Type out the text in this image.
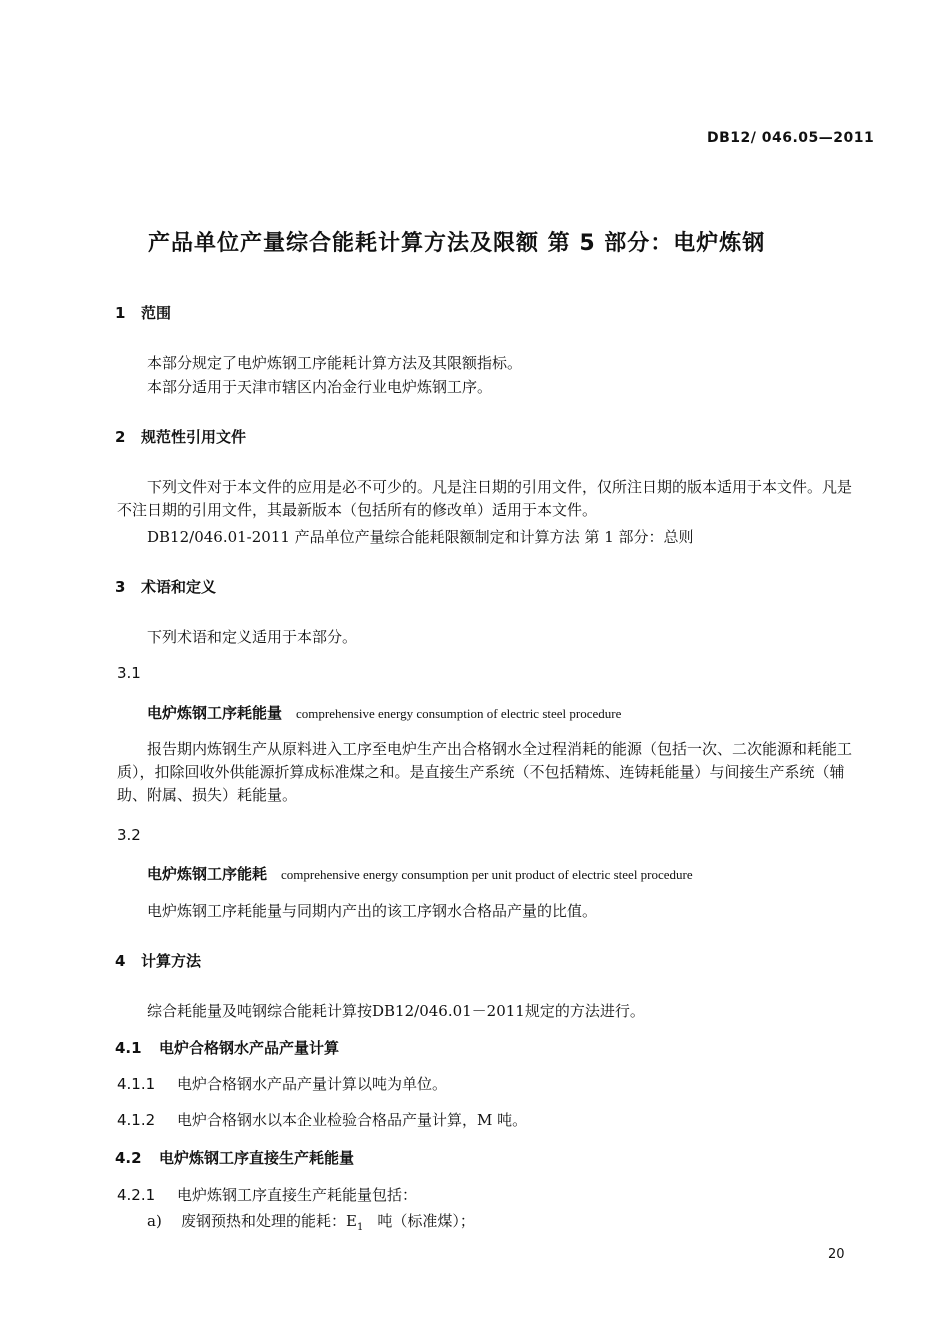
DB12/ 046.05—2011
产品单位产量综合能耗计算方法及限额 第 5 部分：电炉炼钢
1 范围
本部分规定了电炉炼钢工序能耗计算方法及其限额指标。
本部分适用于天津市辖区内冶金行业电炉炼钢工序。
2 规范性引用文件
下列文件对于本文件的应用是必不可少的。凡是注日期的引用文件，仅所注日期的版本适用于本文件。凡是不注日期的引用文件，其最新版本（包括所有的修改单）适用于本文件。
DB12/046.01-2011 产品单位产量综合能耗限额制定和计算方法 第 1 部分：总则
3 术语和定义
下列术语和定义适用于本部分。
3.1
电炉炼钢工序耗能量 comprehensive energy consumption of electric steel procedure
报告期内炼钢生产从原料进入工序至电炉生产出合格钢水全过程消耗的能源（包括一次、二次能源和耗能工质），扣除回收外供能源折算成标准煤之和。是直接生产系统（不包括精炼、连铸耗能量）与间接生产系统（辅助、附属、损失）耗能量。
3.2
电炉炼钢工序能耗 comprehensive energy consumption per unit product of electric steel procedure
电炉炼钢工序耗能量与同期内产出的该工序钢水合格品产量的比值。
4 计算方法
综合耗能量及吨钢综合能耗计算按DB12/046.01－2011规定的方法进行。
4.1 电炉合格钢水产品产量计算
4.1.1 电炉合格钢水产品产量计算以吨为单位。
4.1.2 电炉合格钢水以本企业检验合格品产量计算，M 吨。
4.2 电炉炼钢工序直接生产耗能量
4.2.1 电炉炼钢工序直接生产耗能量包括：
a) 废钢预热和处理的能耗：$E_1$ 吨（标准煤）；
20
